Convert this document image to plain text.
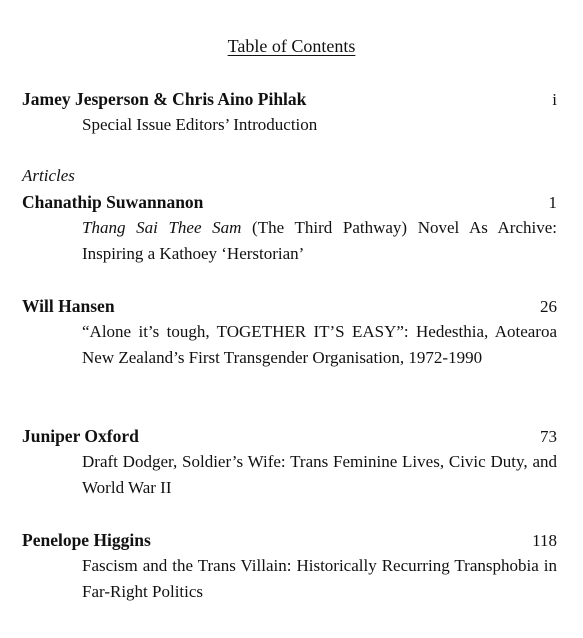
Table of Contents
Jamey Jesperson & Chris Aino Pihlak	i
Special Issue Editors’ Introduction
Articles
Chanathip Suwannanon	1
Thang Sai Thee Sam (The Third Pathway) Novel As Archive: Inspiring a Kathoey ‘Herstorian’
Will Hansen	26
“Alone it’s tough, TOGETHER IT’S EASY”: Hedesthia, Aotearoa New Zealand’s First Transgender Organisation, 1972-1990
Juniper Oxford	73
Draft Dodger, Soldier’s Wife: Trans Feminine Lives, Civic Duty, and World War II
Penelope Higgins	118
Fascism and the Trans Villain: Historically Recurring Transphobia in Far-Right Politics
